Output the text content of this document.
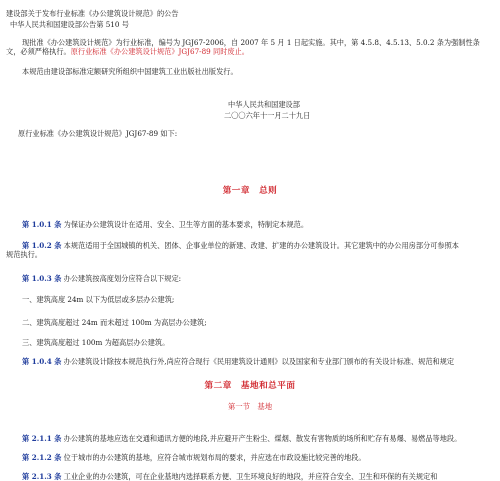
建设部关于发布行业标准《办公建筑设计规范》的公告
中华人民共和国建设部公告第 510 号
现批准《办公建筑设计规范》为行业标准，编号为 JGJ67-2006，自 2007 年 5 月 1 日起实施。其中，第 4.5.8、4.5.13、5.0.2 条为强制性条
文，必须严格执行。原行业标准《办公建筑设计规范》JGJ67-89 同时废止。
本规范由建设部标准定额研究所组织中国建筑工业出版社出版发行。
中华人民共和国建设部
二〇〇六年十一月二十九日
原行业标准《办公建筑设计规范》JGJ67-89 如下:
第一章　总则
第 1.0.1 条 为保证办公建筑设计在适用、安全、卫生等方面的基本要求，特制定本规范。
第 1.0.2 条 本规范适用于全国城镇的机关、团体、企事业单位的新建、改建、扩建的办公建筑设计。其它建筑中的办公用房部分可参照本
规范执行。
第 1.0.3 条 办公建筑按高度划分应符合以下规定:
一、建筑高度 24m 以下为低层或多层办公建筑;
二、建筑高度超过 24m 而未超过 100m 为高层办公建筑;
三、建筑高度超过 100m 为超高层办公建筑。
第 1.0.4 条 办公建筑设计除按本规范执行外,尚应符合现行《民用建筑设计通则》以及国家和专业部门颁布的有关设计标准、规范和规定
第二章　基地和总平面
第一节　基地
第 2.1.1 条 办公建筑的基地应选在交通和通讯方便的地段,并应避开产生粉尘、煤烟、散发有害物质的场所和贮存有易爆、易燃品等地段。
第 2.1.2 条 位于城市的办公建筑的基地，应符合城市规划布局的要求，并应选在市政设施比较完善的地段。
第 2.1.3 条 工业企业的办公建筑，可在企业基地内选择联系方便、卫生环境良好的地段，并应符合安全、卫生和环保的有关规定和
